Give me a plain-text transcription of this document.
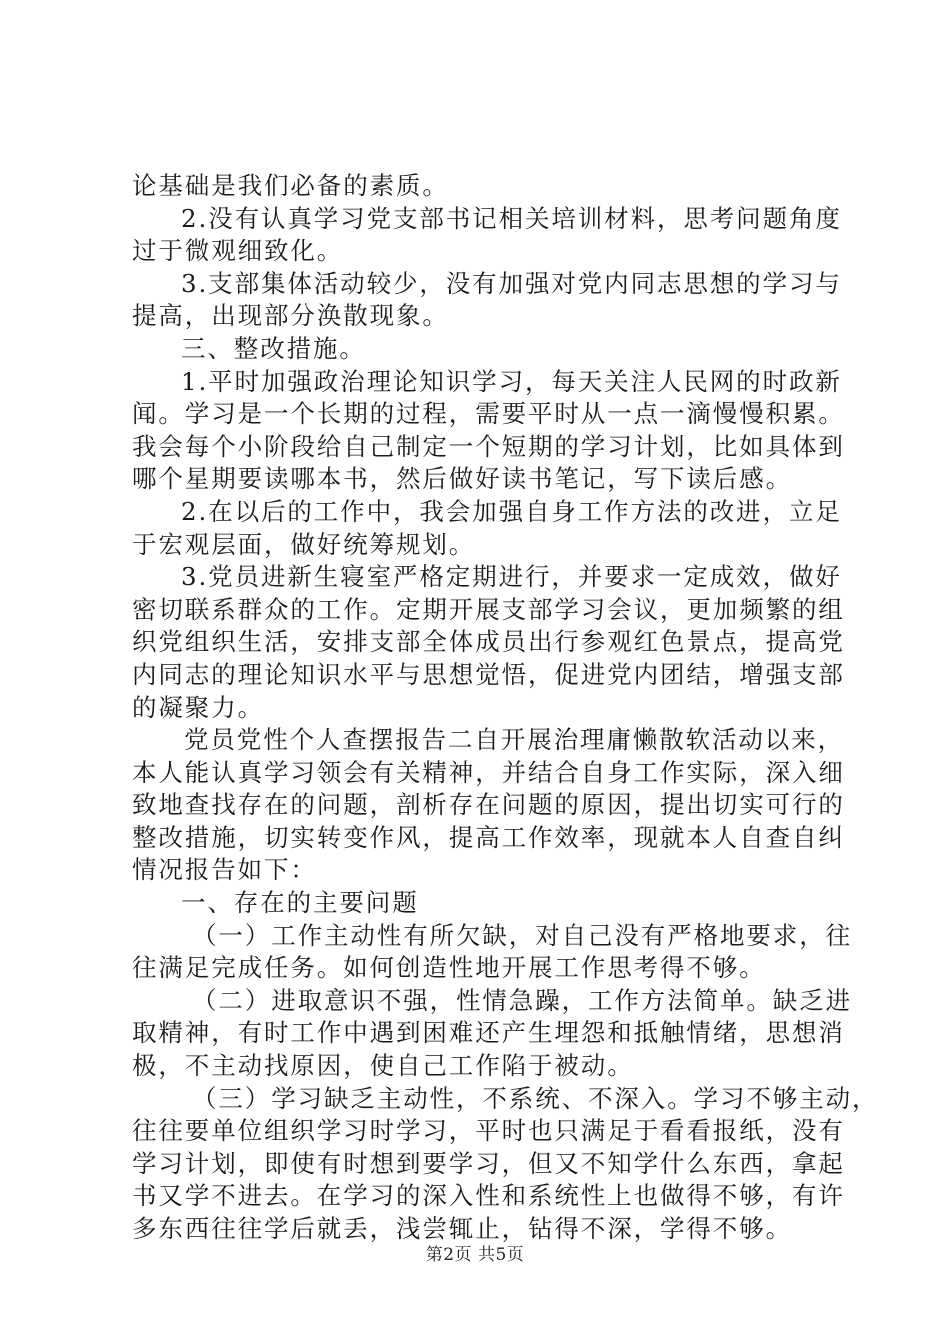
论基础是我们必备的素质。
2.没有认真学习党支部书记相关培训材料，思考问题角度
过于微观细致化。
3.支部集体活动较少，没有加强对党内同志思想的学习与
提高，出现部分涣散现象。
三、整改措施。
1.平时加强政治理论知识学习，每天关注人民网的时政新
闻。学习是一个长期的过程，需要平时从一点一滴慢慢积累。
我会每个小阶段给自己制定一个短期的学习计划，比如具体到
哪个星期要读哪本书，然后做好读书笔记，写下读后感。
2.在以后的工作中，我会加强自身工作方法的改进，立足
于宏观层面，做好统筹规划。
3.党员进新生寝室严格定期进行，并要求一定成效，做好
密切联系群众的工作。定期开展支部学习会议，更加频繁的组
织党组织生活，安排支部全体成员出行参观红色景点，提高党
内同志的理论知识水平与思想觉悟，促进党内团结，增强支部
的凝聚力。
党员党性个人查摆报告二自开展治理庸懒散软活动以来，
本人能认真学习领会有关精神，并结合自身工作实际，深入细
致地查找存在的问题，剖析存在问题的原因，提出切实可行的
整改措施，切实转变作风，提高工作效率，现就本人自查自纠
情况报告如下：
一、存在的主要问题
（一）工作主动性有所欠缺，对自己没有严格地要求，往
往满足完成任务。如何创造性地开展工作思考得不够。
（二）进取意识不强，性情急躁，工作方法简单。缺乏进
取精神，有时工作中遇到困难还产生埋怨和抵触情绪，思想消
极，不主动找原因，使自己工作陷于被动。
（三）学习缺乏主动性，不系统、不深入。学习不够主动，
往往要单位组织学习时学习，平时也只满足于看看报纸，没有
学习计划，即使有时想到要学习，但又不知学什么东西，拿起
书又学不进去。在学习的深入性和系统性上也做得不够，有许
多东西往往学后就丢，浅尝辄止，钻得不深，学得不够。
第2页 共5页
